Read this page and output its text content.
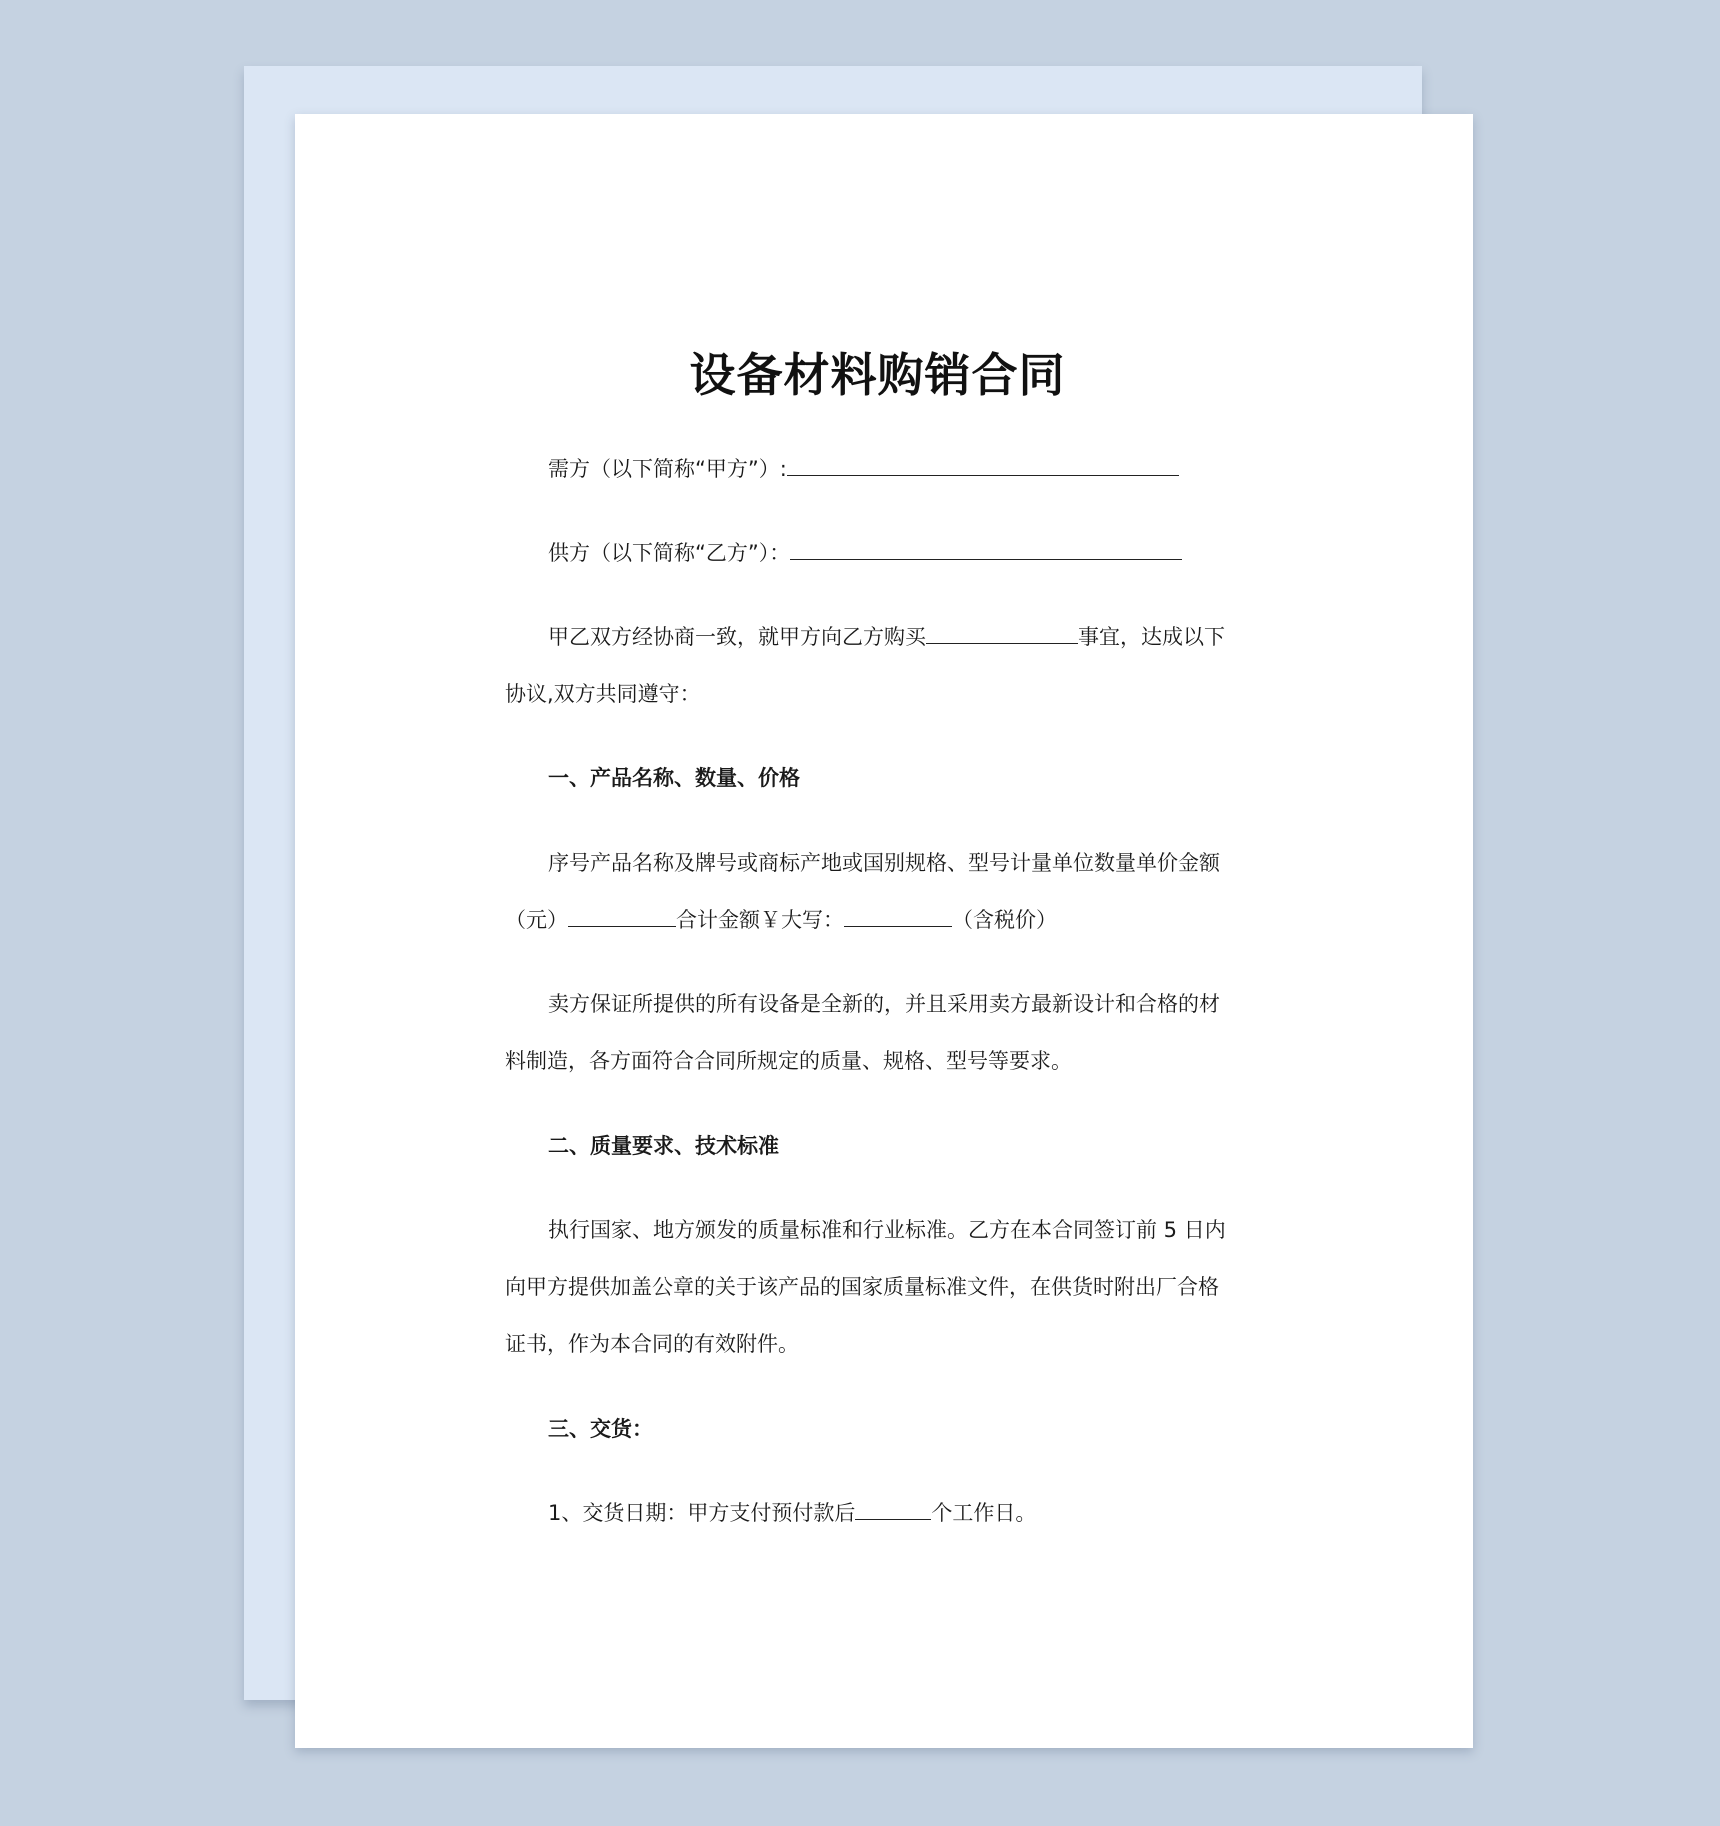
设备材料购销合同

需方（以下简称“甲方”）:

供方（以下简称“乙方”）：

甲乙双方经协商一致，就甲方向乙方购买	事宜，达成以下

协议,双方共同遵守：

一、产品名称、数量、价格

序号产品名称及牌号或商标产地或国别规格、型号计量单位数量单价金额

（元）	合计金额￥大写：	（含税价）

卖方保证所提供的所有设备是全新的，并且采用卖方最新设计和合格的材

料制造，各方面符合合同所规定的质量、规格、型号等要求。

二、质量要求、技术标准

执行国家、地方颁发的质量标准和行业标准。乙方在本合同签订前 5 日内

向甲方提供加盖公章的关于该产品的国家质量标准文件，在供货时附出厂合格

证书，作为本合同的有效附件。

三、交货：

1、交货日期：甲方支付预付款后	个工作日。
